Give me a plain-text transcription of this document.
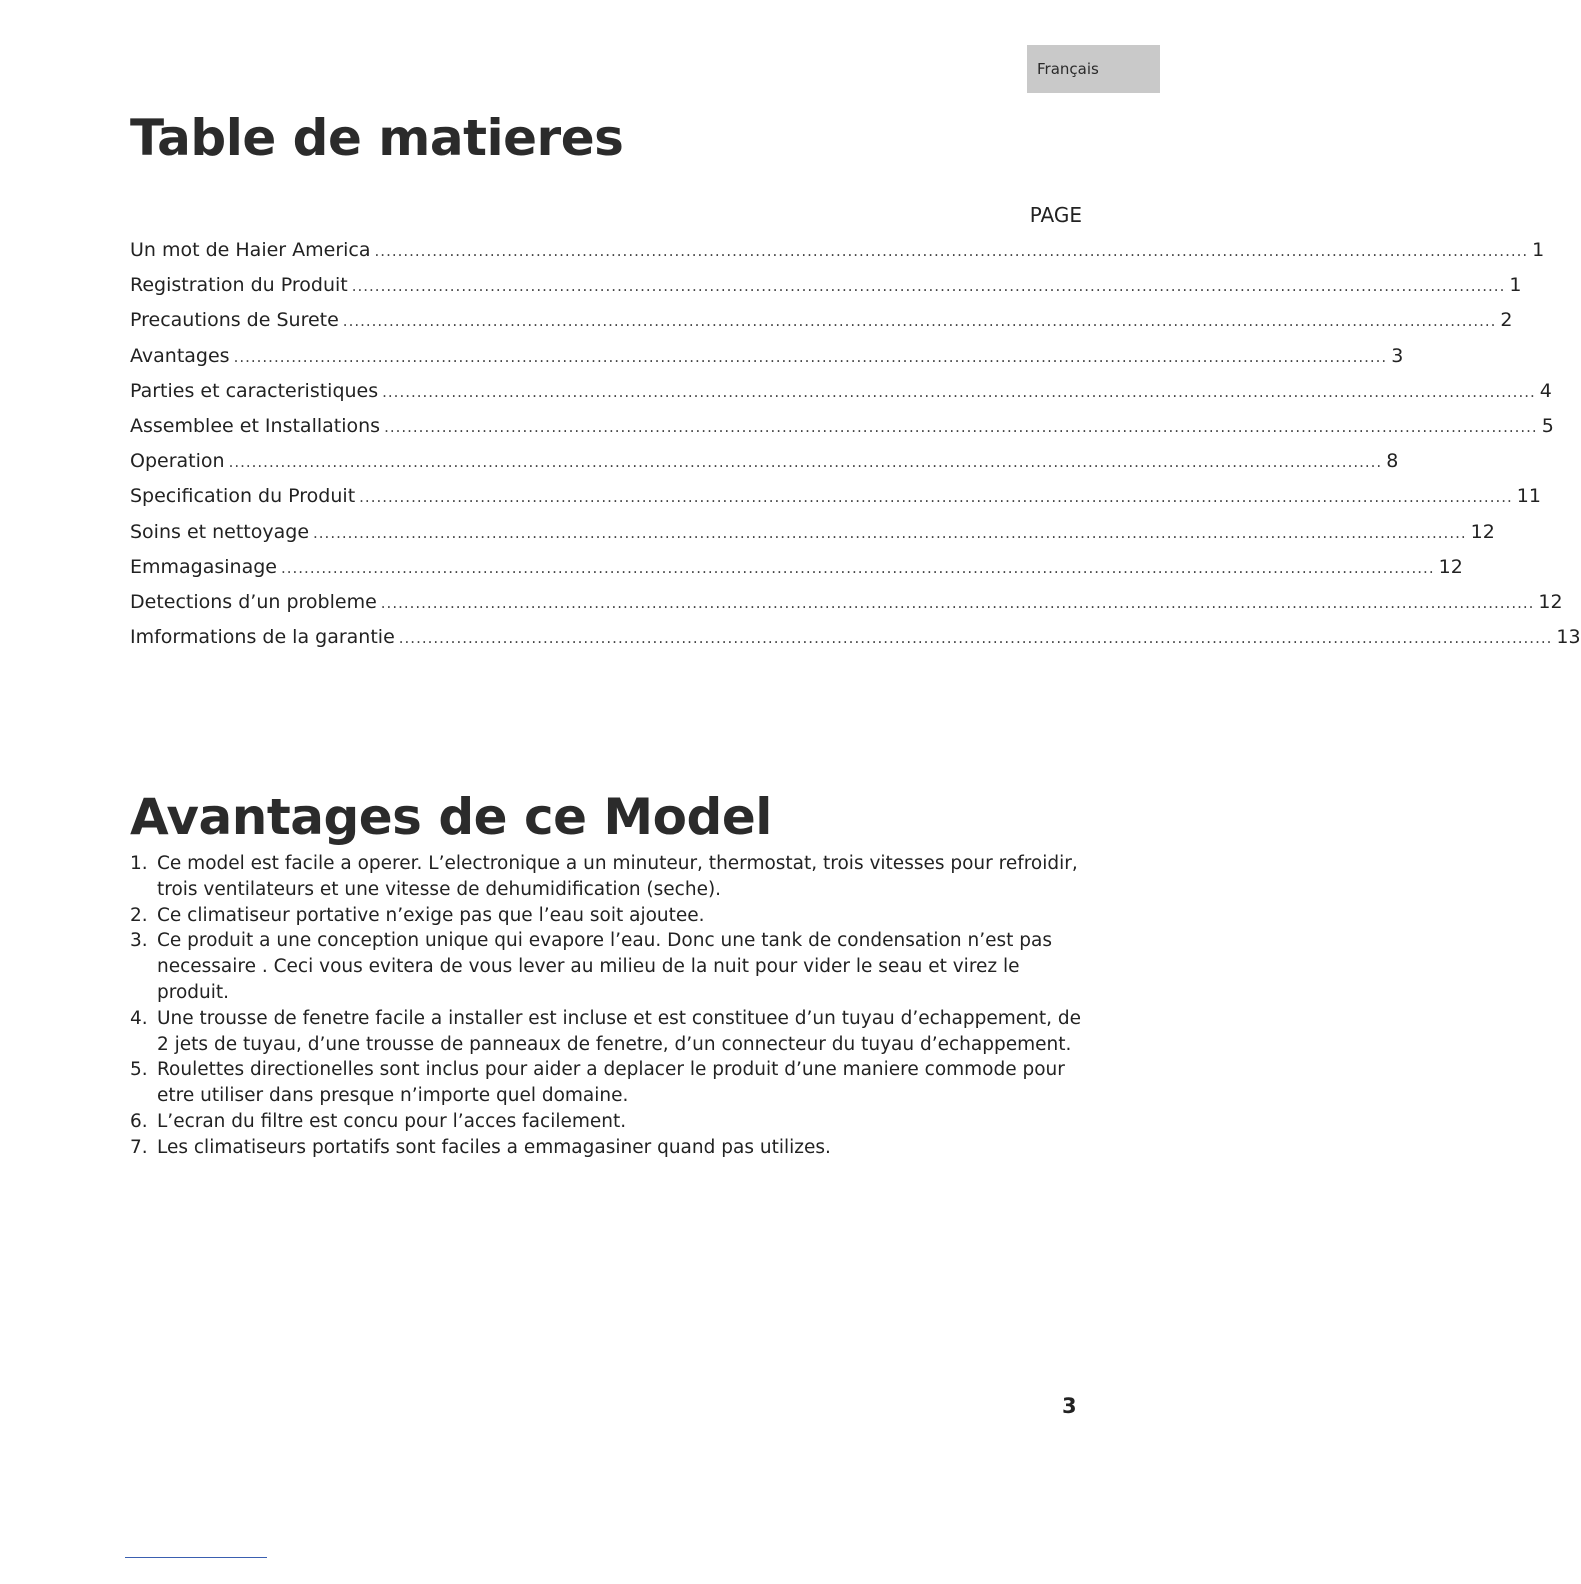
Français
Table de matieres
PAGE
Un mot de Haier America ........................................................................................................................................................................................................ 1
Registration du Produit ........................................................................................................................................................................................................ 1
Precautions de Surete ........................................................................................................................................................................................................ 2
Avantages ........................................................................................................................................................................................................ 3
Parties et caracteristiques ........................................................................................................................................................................................................ 4
Assemblee et Installations ........................................................................................................................................................................................................ 5
Operation ........................................................................................................................................................................................................ 8
Specification du Produit ........................................................................................................................................................................................................ 11
Soins et nettoyage ........................................................................................................................................................................................................ 12
Emmagasinage ........................................................................................................................................................................................................ 12
Detections d’un probleme ........................................................................................................................................................................................................ 12
Imformations de la garantie ........................................................................................................................................................................................................ 13
Avantages de ce Model
1. Ce model est facile a operer. L’electronique a un minuteur, thermostat, trois vitesses pour refroidir, trois ventilateurs et une vitesse de dehumidification (seche).
2. Ce climatiseur portative n’exige pas que l’eau soit ajoutee.
3. Ce produit a une conception unique qui evapore l’eau. Donc une tank de condensation n’est pas necessaire . Ceci vous evitera de vous lever au milieu de la nuit pour vider le seau et virez le produit.
4. Une trousse de fenetre facile a installer est incluse et est constituee d’un tuyau d’echappement, de 2 jets de tuyau, d’une trousse de panneaux de fenetre, d’un connecteur du tuyau d’echappement.
5. Roulettes directionelles sont inclus pour aider a deplacer le produit d’une maniere commode pour etre utiliser dans presque n’importe quel domaine.
6. L’ecran du filtre est concu pour l’acces facilement.
7. Les climatiseurs portatifs sont faciles a emmagasiner quand pas utilizes.
3
